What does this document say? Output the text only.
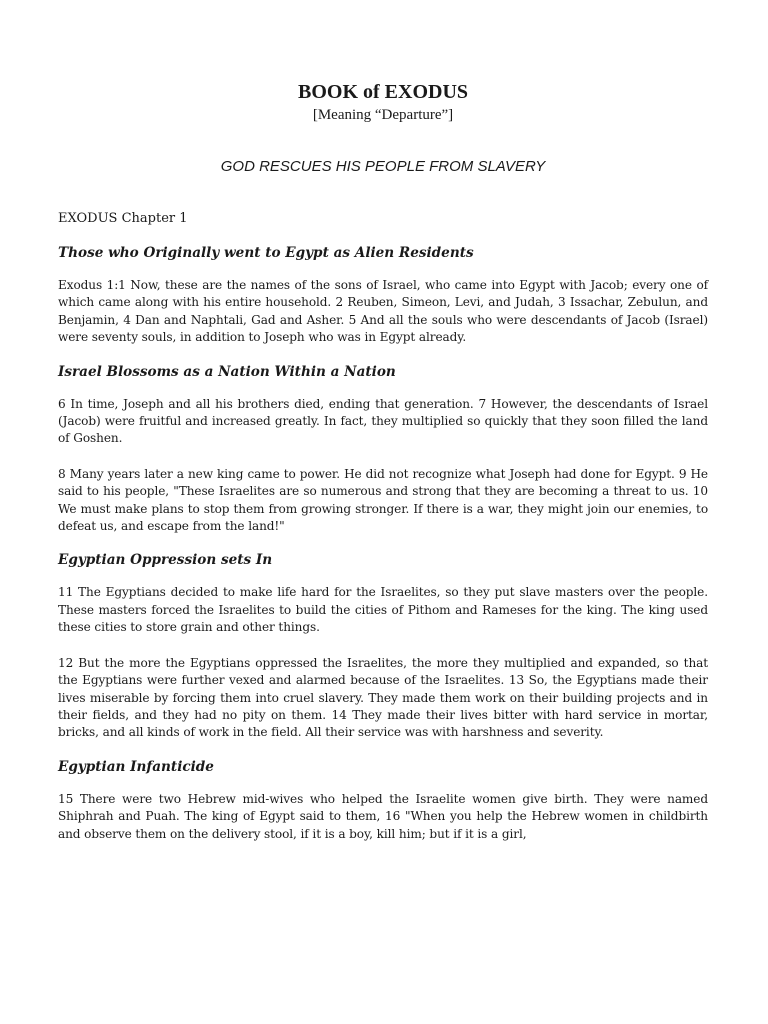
BOOK of EXODUS

[Meaning “Departure”]

GOD RESCUES HIS PEOPLE FROM SLAVERY

EXODUS Chapter 1

Those who Originally went to Egypt as Alien Residents

Exodus 1:1 Now, these are the names of the sons of Israel, who came into Egypt with Jacob; every one of which came along with his entire household. 2 Reuben, Simeon, Levi, and Judah, 3 Issachar, Zebulun, and Benjamin, 4 Dan and Naphtali, Gad and Asher. 5 And all the souls who were descendants of Jacob (Israel) were seventy souls, in addition to Joseph who was in Egypt already.

Israel Blossoms as a Nation Within a Nation

6 In time, Joseph and all his brothers died, ending that generation. 7 However, the descendants of Israel (Jacob) were fruitful and increased greatly. In fact, they multiplied so quickly that they soon filled the land of Goshen.

8 Many years later a new king came to power. He did not recognize what Joseph had done for Egypt. 9 He said to his people, "These Israelites are so numerous and strong that they are becoming a threat to us. 10 We must make plans to stop them from growing stronger. If there is a war, they might join our enemies, to defeat us, and escape from the land!"

Egyptian Oppression sets In

11 The Egyptians decided to make life hard for the Israelites, so they put slave masters over the people. These masters forced the Israelites to build the cities of Pithom and Rameses for the king. The king used these cities to store grain and other things.

12 But the more the Egyptians oppressed the Israelites, the more they multiplied and expanded, so that the Egyptians were further vexed and alarmed because of the Israelites. 13 So, the Egyptians made their lives miserable by forcing them into cruel slavery. They made them work on their building projects and in their fields, and they had no pity on them. 14 They made their lives bitter with hard service in mortar, bricks, and all kinds of work in the field. All their service was with harshness and severity.

Egyptian Infanticide

15 There were two Hebrew mid-wives who helped the Israelite women give birth. They were named Shiphrah and Puah. The king of Egypt said to them, 16 "When you help the Hebrew women in childbirth and observe them on the delivery stool, if it is a boy, kill him; but if it is a girl,
